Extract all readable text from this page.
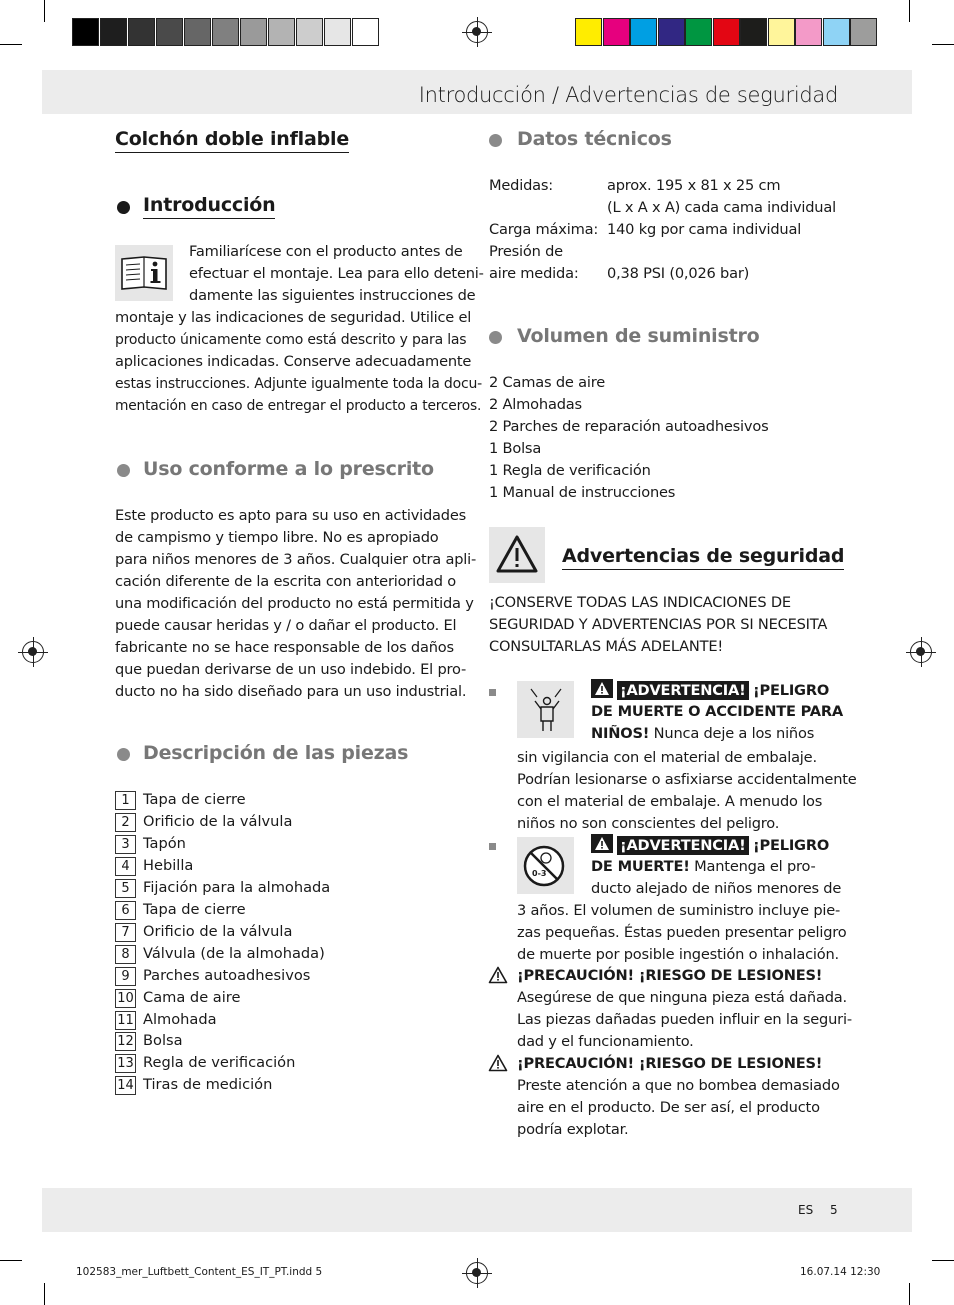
Introducción / Advertencias de seguridad
Colchón doble inflable
Introducción
Familiarícese con el producto antes de
efectuar el montaje. Lea para ello deteni-
damente las siguientes instrucciones de
montaje y las indicaciones de seguridad. Utilice el
producto únicamente como está descrito y para las
aplicaciones indicadas. Conserve adecuadamente
estas instrucciones. Adjunte igualmente toda la docu-
mentación en caso de entregar el producto a terceros.
Uso conforme a lo prescrito
Este producto es apto para su uso en actividades
de campismo y tiempo libre. No es apropiado
para niños menores de 3 años. Cualquier otra apli-
cación diferente de la escrita con anterioridad o
una modificación del producto no está permitida y
puede causar heridas y / o dañar el producto. El
fabricante no se hace responsable de los daños
que puedan derivarse de un uso indebido. El pro-
ducto no ha sido diseñado para un uso industrial.
Descripción de las piezas
1 Tapa de cierre
2 Orificio de la válvula
3 Tapón
4 Hebilla
5 Fijación para la almohada
6 Tapa de cierre
7 Orificio de la válvula
8 Válvula (de la almohada)
9 Parches autoadhesivos
10 Cama de aire
11 Almohada
12 Bolsa
13 Regla de verificación
14 Tiras de medición
Datos técnicos
Medidas:	aprox. 195 x 81 x 25 cm
(L x A x A) cada cama individual
Carga máxima: 140 kg por cama individual
Presión de
aire medida: 0,38 PSI (0,026 bar)
Volumen de suministro
2 Camas de aire
2 Almohadas
2 Parches de reparación autoadhesivos
1 Bolsa
1 Regla de verificación
1 Manual de instrucciones
Advertencias de seguridad
¡CONSERVE TODAS LAS INDICACIONES DE
SEGURIDAD Y ADVERTENCIAS POR SI NECESITA
CONSULTARLAS MÁS ADELANTE!
¡ADVERTENCIA! ¡PELIGRO
DE MUERTE O ACCIDENTE PARA
NIÑOS! Nunca deje a los niños
sin vigilancia con el material de embalaje.
Podrían lesionarse o asfixiarse accidentalmente
con el material de embalaje. A menudo los
niños no son conscientes del peligro.
0-3
¡ADVERTENCIA! ¡PELIGRO
DE MUERTE! Mantenga el pro-
ducto alejado de niños menores de
3 años. El volumen de suministro incluye pie-
zas pequeñas. Éstas pueden presentar peligro
de muerte por posible ingestión o inhalación.
¡PRECAUCIÓN! ¡RIESGO DE LESIONES!
Asegúrese de que ninguna pieza está dañada.
Las piezas dañadas pueden influir en la seguri-
dad y el funcionamiento.
¡PRECAUCIÓN! ¡RIESGO DE LESIONES!
Preste atención a que no bombea demasiado
aire en el producto. De ser así, el producto
podría explotar.
ES 5
102583_mer_Luftbett_Content_ES_IT_PT.indd 5	16.07.14 12:30
